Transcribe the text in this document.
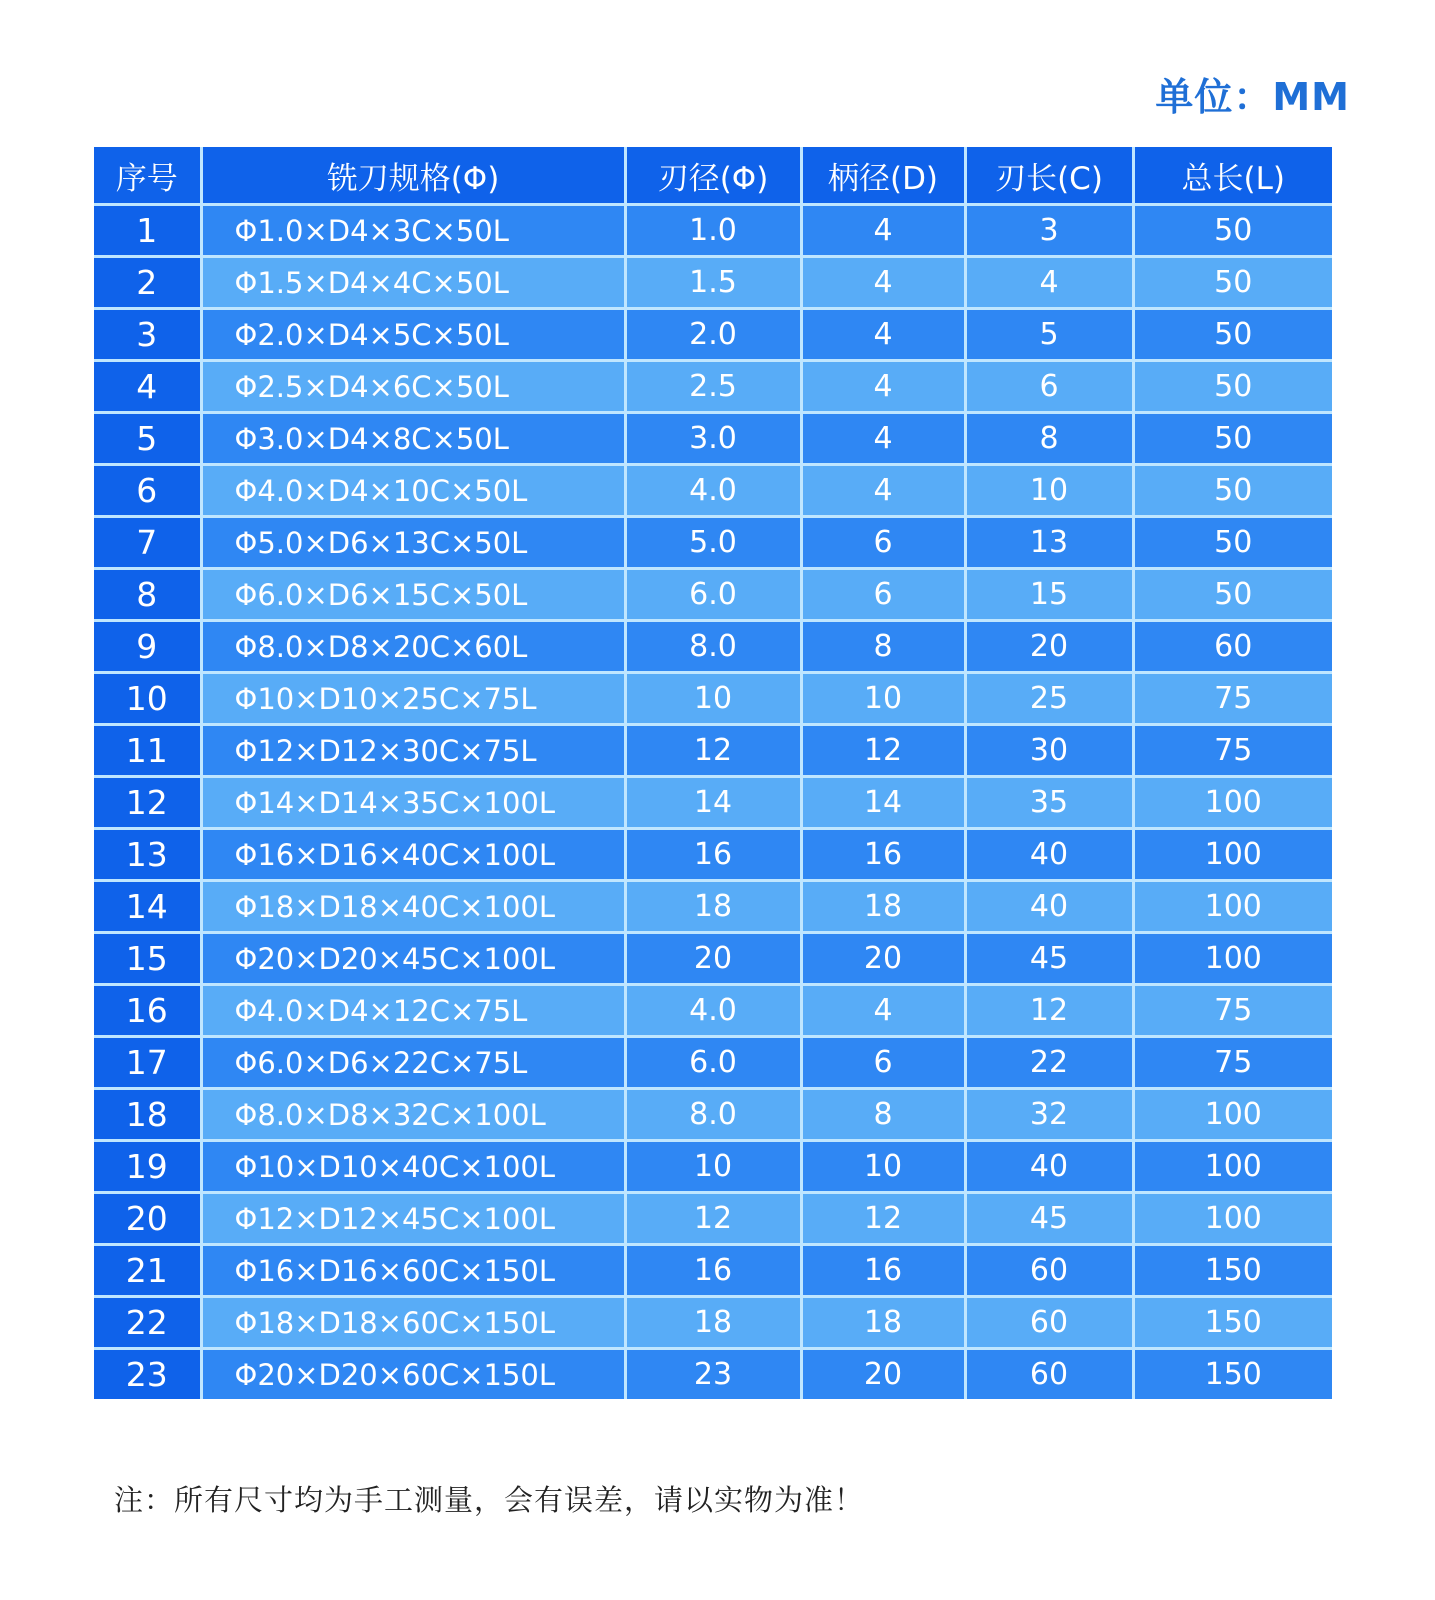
单位：MM
序号	铣刀规格(Φ)	刃径(Φ)	柄径(D)	刃长(C)	总长(L)
1	Φ1.0×D4×3C×50L	1.0	4	3	50
2	Φ1.5×D4×4C×50L	1.5	4	4	50
3	Φ2.0×D4×5C×50L	2.0	4	5	50
4	Φ2.5×D4×6C×50L	2.5	4	6	50
5	Φ3.0×D4×8C×50L	3.0	4	8	50
6	Φ4.0×D4×10C×50L	4.0	4	10	50
7	Φ5.0×D6×13C×50L	5.0	6	13	50
8	Φ6.0×D6×15C×50L	6.0	6	15	50
9	Φ8.0×D8×20C×60L	8.0	8	20	60
10	Φ10×D10×25C×75L	10	10	25	75
11	Φ12×D12×30C×75L	12	12	30	75
12	Φ14×D14×35C×100L	14	14	35	100
13	Φ16×D16×40C×100L	16	16	40	100
14	Φ18×D18×40C×100L	18	18	40	100
15	Φ20×D20×45C×100L	20	20	45	100
16	Φ4.0×D4×12C×75L	4.0	4	12	75
17	Φ6.0×D6×22C×75L	6.0	6	22	75
18	Φ8.0×D8×32C×100L	8.0	8	32	100
19	Φ10×D10×40C×100L	10	10	40	100
20	Φ12×D12×45C×100L	12	12	45	100
21	Φ16×D16×60C×150L	16	16	60	150
22	Φ18×D18×60C×150L	18	18	60	150
23	Φ20×D20×60C×150L	23	20	60	150
注：所有尺寸均为手工测量，会有误差，请以实物为准！
